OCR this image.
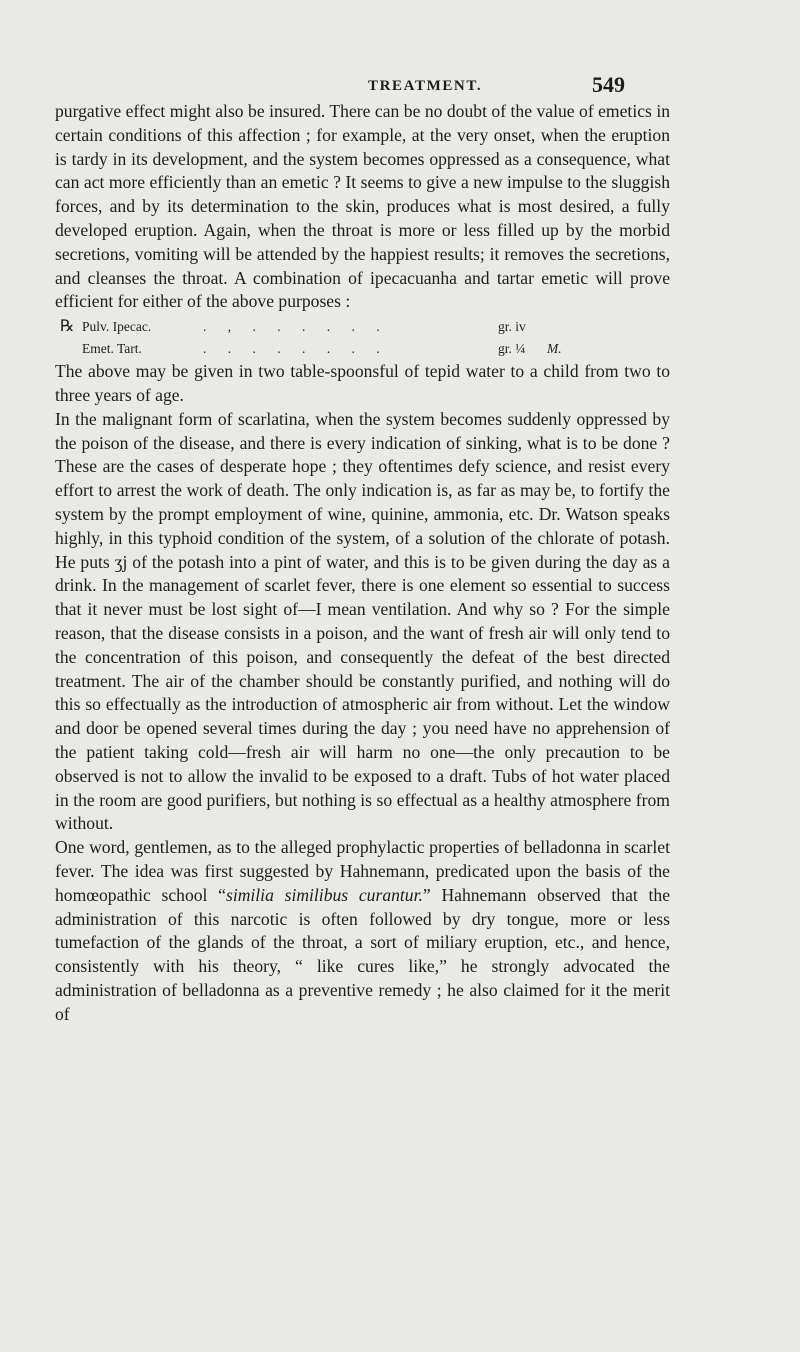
TREATMENT.	549

purgative effect might also be insured. There can be no doubt of the value of emetics in certain conditions of this affection ; for example, at the very onset, when the eruption is tardy in its development, and the system becomes oppressed as a consequence, what can act more efficiently than an emetic ? It seems to give a new impulse to the sluggish forces, and by its determination to the skin, produces what is most desired, a fully developed eruption. Again, when the throat is more or less filled up by the morbid secretions, vomiting will be attended by the happiest results; it removes the secretions, and cleanses the throat. A combination of ipecacuanha and tartar emetic will prove efficient for either of the above purposes :

℞ Pulv. Ipecac.	. , . . . . . .	gr. iv
Emet. Tart.	. . . . . . . .	gr. ¼ M.

The above may be given in two table-spoonsful of tepid water to a child from two to three years of age.

In the malignant form of scarlatina, when the system becomes suddenly oppressed by the poison of the disease, and there is every indication of sinking, what is to be done ? These are the cases of desperate hope ; they oftentimes defy science, and resist every effort to arrest the work of death. The only indication is, as far as may be, to fortify the system by the prompt employment of wine, quinine, ammonia, etc. Dr. Watson speaks highly, in this typhoid condition of the system, of a solution of the chlorate of potash. He puts ʒj of the potash into a pint of water, and this is to be given during the day as a drink. In the management of scarlet fever, there is one element so essential to success that it never must be lost sight of—I mean ventilation. And why so ? For the simple reason, that the disease consists in a poison, and the want of fresh air will only tend to the concentration of this poison, and consequently the defeat of the best directed treatment. The air of the chamber should be constantly purified, and nothing will do this so effectually as the introduction of atmospheric air from without. Let the window and door be opened several times during the day ; you need have no apprehension of the patient taking cold—fresh air will harm no one—the only precaution to be observed is not to allow the invalid to be exposed to a draft. Tubs of hot water placed in the room are good purifiers, but nothing is so effectual as a healthy atmosphere from without.

One word, gentlemen, as to the alleged prophylactic properties of belladonna in scarlet fever. The idea was first suggested by Hahnemann, predicated upon the basis of the homœopathic school “similia similibus curantur.” Hahnemann observed that the administration of this narcotic is often followed by dry tongue, more or less tumefaction of the glands of the throat, a sort of miliary eruption, etc., and hence, consistently with his theory, “ like cures like,” he strongly advocated the administration of belladonna as a preventive remedy ; he also claimed for it the merit of
